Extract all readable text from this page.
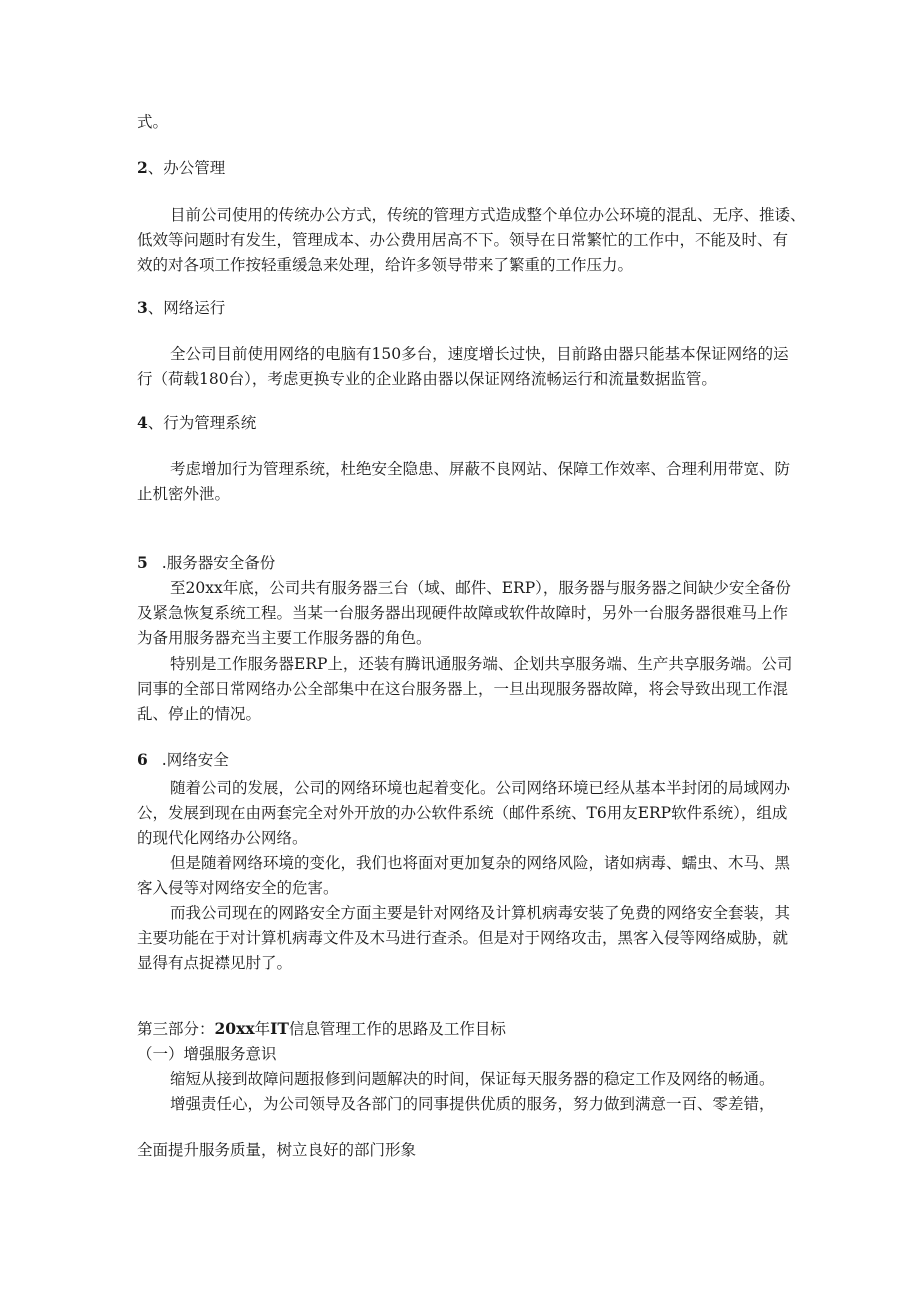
式。

2、办公管理

目前公司使用的传统办公方式，传统的管理方式造成整个单位办公环境的混乱、无序、推诿、

低效等问题时有发生，管理成本、办公费用居高不下。领导在日常繁忙的工作中，不能及时、有

效的对各项工作按轻重缓急来处理，给许多领导带来了繁重的工作压力。

3、网络运行

全公司目前使用网络的电脑有150多台，速度增长过快，目前路由器只能基本保证网络的运

行（荷载180台），考虑更换专业的企业路由器以保证网络流畅运行和流量数据监管。

4、行为管理系统

考虑增加行为管理系统，杜绝安全隐患、屏蔽不良网站、保障工作效率、合理利用带宽、防

止机密外泄。

5 .服务器安全备份

至20xx年底，公司共有服务器三台（域、邮件、ERP），服务器与服务器之间缺少安全备份

及紧急恢复系统工程。当某一台服务器出现硬件故障或软件故障时，另外一台服务器很难马上作

为备用服务器充当主要工作服务器的角色。

特别是工作服务器ERP上，还装有腾讯通服务端、企划共享服务端、生产共享服务端。公司

同事的全部日常网络办公全部集中在这台服务器上，一旦出现服务器故障，将会导致出现工作混

乱、停止的情况。

6 .网络安全

随着公司的发展，公司的网络环境也起着变化。公司网络环境已经从基本半封闭的局域网办

公，发展到现在由两套完全对外开放的办公软件系统（邮件系统、T6用友ERP软件系统），组成

的现代化网络办公网络。

但是随着网络环境的变化，我们也将面对更加复杂的网络风险，诸如病毒、蠕虫、木马、黑

客入侵等对网络安全的危害。

而我公司现在的网路安全方面主要是针对网络及计算机病毒安装了免费的网络安全套装，其

主要功能在于对计算机病毒文件及木马进行查杀。但是对于网络攻击，黑客入侵等网络威胁，就

显得有点捉襟见肘了。

第三部分：20xx年IT信息管理工作的思路及工作目标

（一）增强服务意识

缩短从接到故障问题报修到问题解决的时间，保证每天服务器的稳定工作及网络的畅通。

增强责任心，为公司领导及各部门的同事提供优质的服务，努力做到满意一百、零差错，

全面提升服务质量，树立良好的部门形象
